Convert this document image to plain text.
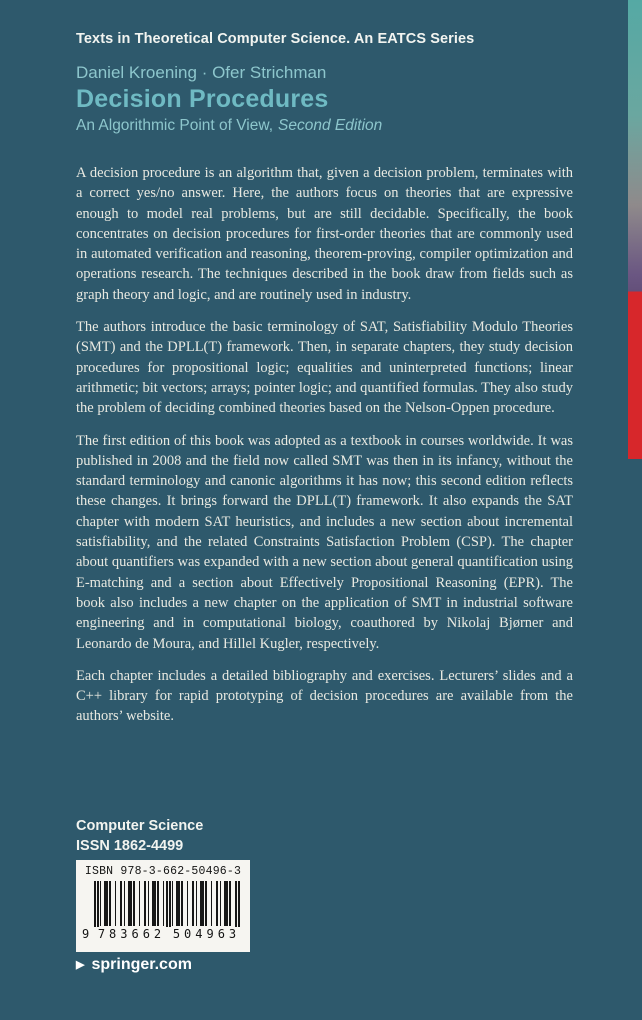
Texts in Theoretical Computer Science. An EATCS Series
Daniel Kroening · Ofer Strichman
Decision Procedures
An Algorithmic Point of View, Second Edition

A decision procedure is an algorithm that, given a decision problem, terminates with a correct yes/no answer. Here, the authors focus on theories that are expressive enough to model real problems, but are still decidable. Specifically, the book concentrates on decision procedures for first-order theories that are commonly used in automated verification and reasoning, theorem-proving, compiler optimization and operations research. The techniques described in the book draw from fields such as graph theory and logic, and are routinely used in industry.

The authors introduce the basic terminology of SAT, Satisfiability Modulo Theories (SMT) and the DPLL(T) framework. Then, in separate chapters, they study decision procedures for propositional logic; equalities and uninterpreted functions; linear arithmetic; bit vectors; arrays; pointer logic; and quantified formulas. They also study the problem of deciding combined theories based on the Nelson-Oppen procedure.

The first edition of this book was adopted as a textbook in courses worldwide. It was published in 2008 and the field now called SMT was then in its infancy, without the standard terminology and canonic algorithms it has now; this second edition reflects these changes. It brings forward the DPLL(T) framework. It also expands the SAT chapter with modern SAT heuristics, and includes a new section about incremental satisfiability, and the related Constraints Satisfaction Problem (CSP). The chapter about quantifiers was expanded with a new section about general quantification using E-matching and a section about Effectively Propositional Reasoning (EPR). The book also includes a new chapter on the application of SMT in industrial software engineering and in computational biology, coauthored by Nikolaj Bjørner and Leonardo de Moura, and Hillel Kugler, respectively.

Each chapter includes a detailed bibliography and exercises. Lecturers’ slides and a C++ library for rapid prototyping of decision procedures are available from the authors’ website.

Computer Science
ISSN 1862-4499
ISBN 978-3-662-50496-3
9 783662 504963
▶ springer.com
